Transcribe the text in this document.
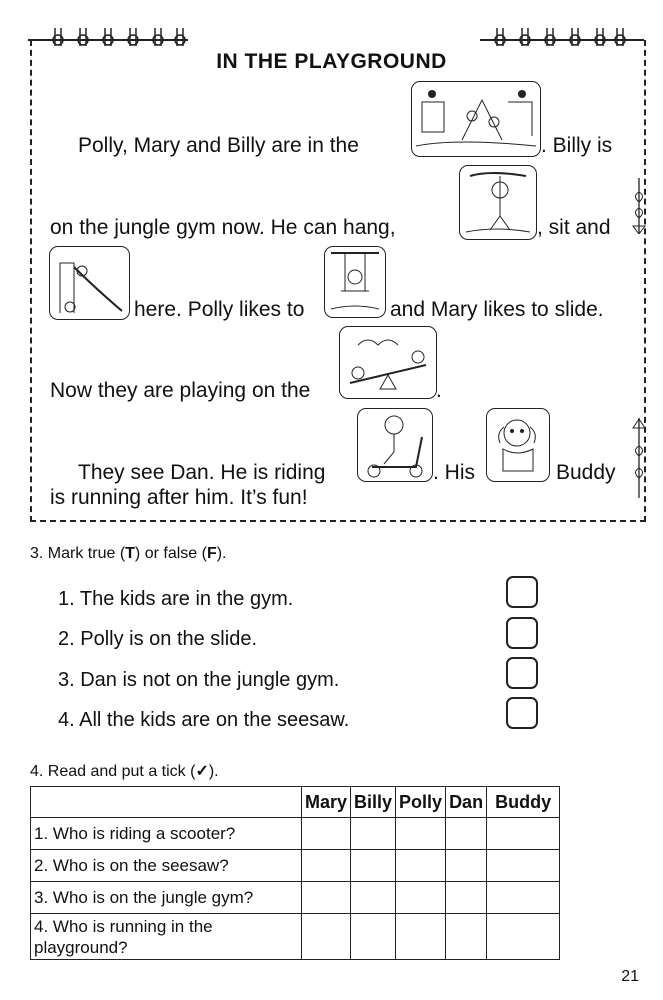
IN THE PLAYGROUND
Polly, Mary and Billy are in the	. Billy is
on the jungle gym now. He can hang,	, sit and
here. Polly likes to	and Mary likes to slide.
Now they are playing on the	.
They see Dan. He is riding	. His	Buddy
is running after him. It’s fun!
3. Mark true (T) or false (F).
1. The kids are in the gym.
2. Polly is on the slide.
3. Dan is not on the jungle gym.
4. All the kids are on the seesaw.
4. Read and put a tick (✓).
	Mary	Billy	Polly	Dan	Buddy
1. Who is riding a scooter?					
2. Who is on the seesaw?					
3. Who is on the jungle gym?					
4. Who is running in the playground?					
21
